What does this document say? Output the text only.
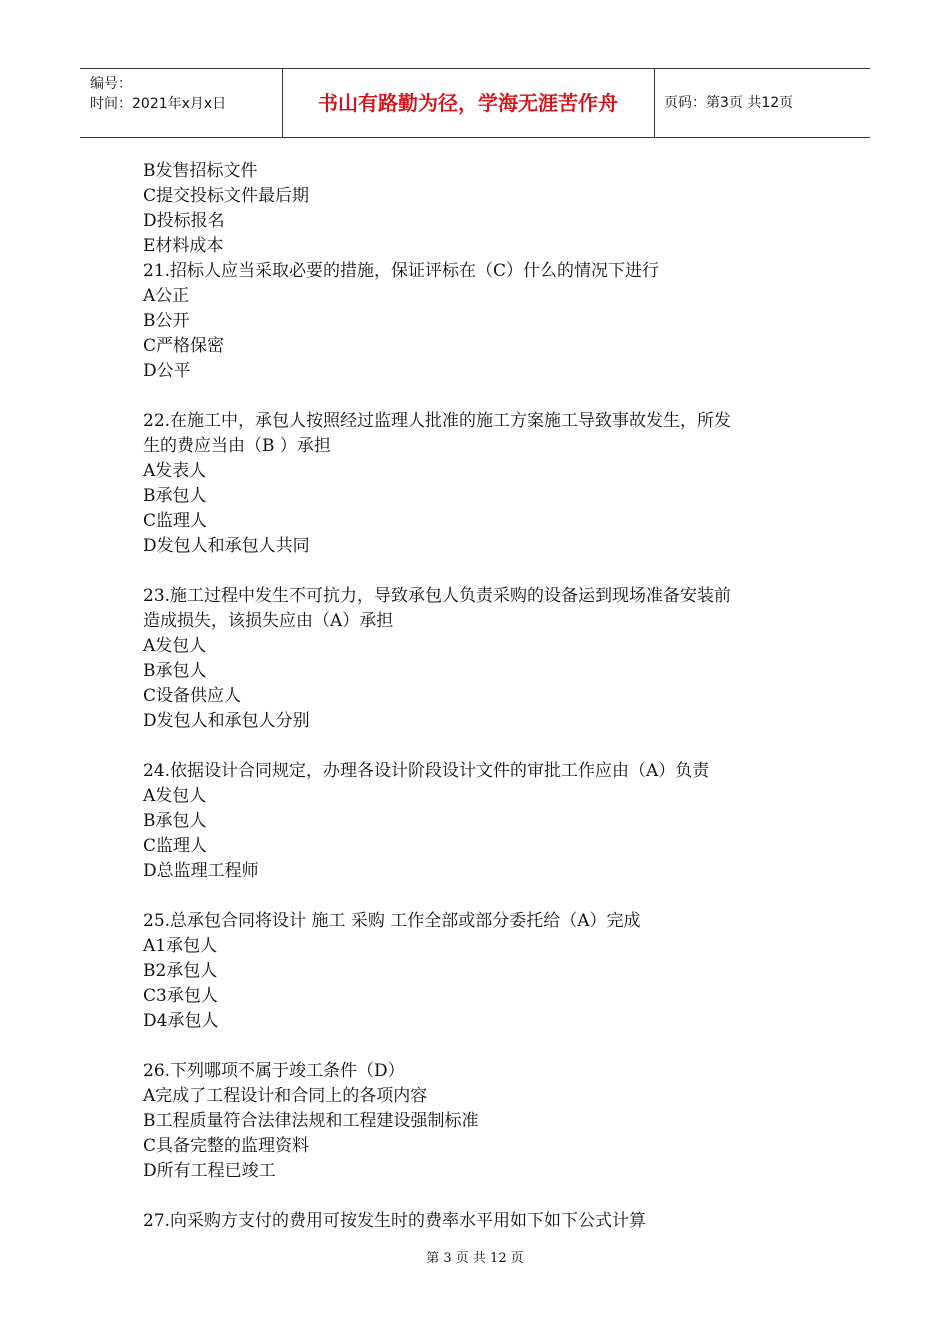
编号：
时间：2021年x月x日	书山有路勤为径，学海无涯苦作舟	页码：第3页 共12页
B发售招标文件
C提交投标文件最后期
D投标报名
E材料成本
21.招标人应当采取必要的措施，保证评标在（C）什么的情况下进行
A公正
B公开
C严格保密
D公平
22.在施工中，承包人按照经过监理人批准的施工方案施工导致事故发生，所发
生的费应当由（B ）承担
A发表人
B承包人
C监理人
D发包人和承包人共同
23.施工过程中发生不可抗力，导致承包人负责采购的设备运到现场准备安装前
造成损失，该损失应由（A）承担
A发包人
B承包人
C设备供应人
D发包人和承包人分别
24.依据设计合同规定，办理各设计阶段设计文件的审批工作应由（A）负责
A发包人
B承包人
C监理人
D总监理工程师
25.总承包合同将设计 施工 采购 工作全部或部分委托给（A）完成
A1承包人
B2承包人
C3承包人
D4承包人
26.下列哪项不属于竣工条件（D）
A完成了工程设计和合同上的各项内容
B工程质量符合法律法规和工程建设强制标准
C具备完整的监理资料
D所有工程已竣工
27.向采购方支付的费用可按发生时的费率水平用如下如下公式计算
第 3 页 共 12 页
